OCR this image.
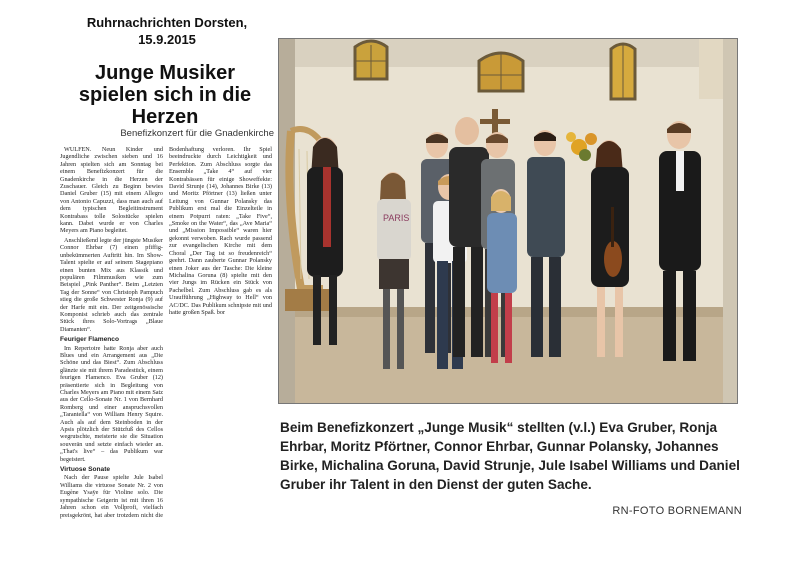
Ruhrnachrichten Dorsten,
15.9.2015
Junge Musiker spielen sich in die Herzen
Benefizkonzert für die Gnadenkirche

WULFEN. Neun Kinder und Jugendliche zwischen sieben und 16 Jahren spielten sich am Sonntag bei einem Benefizkonzert für die Gnadenkirche in die Herzen der Zuschauer. Gleich zu Beginn bewies Daniel Gruber (15) mit einem Allegro von Antonio Capuzzi, dass man auch auf dem typischen Begleitinstrument Kontrabass tolle Solostücke spielen kann. Dabei wurde er von Charles Meyers am Piano begleitet.

Anschließend legte der jüngste Musiker Connor Ehrbar (7) einen pfiffig-unbekümmerten Auftritt hin. Im Show-Talent spielte er auf seinem Stagepiano einen bunten Mix aus Klassik und populären Filmmusiken wie zum Beispiel „Pink Panther“. Beim „Letzten Tag der Sonne“ von Christoph Pampuch stieg die große Schwester Ronja (9) auf der Harfe mit ein. Der zeitgenössische Komponist schrieb auch das zentrale Stück ihres Solo-Vortrags „Blaue Diamanten“.

Feuriger Flamenco

Im Repertoire hatte Ronja aber auch Blues und ein Arrangement aus „Die Schöne und das Biest“. Zum Abschluss glänzte sie mit ihrem Paradestück, einem feurigen Flamenco. Eva Gruber (12) präsentierte sich in Begleitung von Charles Meyers am Piano mit einem Satz aus der Cello-Sonate Nr. 1 von Bernhard Romberg und einer anspruchsvollen „Tarantella“ von William Henry Squire. Auch als auf dem Steinboden in der Apsis plötzlich der Stützfuß des Cellos wegrutschte, meisterte sie die Situation souverän und setzte einfach wieder an. „That's live“ – das Publikum war begeistert.

Virtuose Sonate

Nach der Pause spielte Jule Isabel Williams die virtuose Sonate Nr. 2 von Eugène Ysaÿe für Violine solo. Die sympathische Geigerin ist mit ihren 16 Jahren schon ein Vollprofi, vielfach preisgekrönt, hat aber trotzdem nicht die Bodenhaftung verloren. Ihr Spiel beeindruckte durch Leichtigkeit und Perfektion. Zum Abschluss sorgte das Ensemble „Take 4“ auf vier Kontrabässen für einige Showeffekte: David Strunje (14), Johannes Birke (13) und Moritz Pförtner (13) ließen unter Leitung von Gunnar Polansky das Publikum erst mal die Einzelteile in einem Potpurri raten: „Take Five“, „Smoke on the Water“, das „Ave Maria“ und „Mission Impossible“ waren hier gekonnt verwoben. Rach wurde passend zur evangelischen Kirche mit dem Choral „Der Tag ist so freudenreich“ geehrt. Dann zauberte Gunnar Polansky einen Joker aus der Tasche: Die kleine Michalina Goruna (8) spielte mit den vier Jungs im Rücken ein Stück von Pachelbel. Zum Abschluss gab es als Uraufführung „Highway to Hell“ von AC/DC. Das Publikum schnipste mit und hatte großen Spaß. bor

PARIS
Beim Benefizkonzert „Junge Musik“ stellten (v.l.) Eva Gruber, Ronja Ehrbar, Moritz Pförtner, Connor Ehrbar, Gunnar Polansky, Johannes Birke, Michalina Goruna, David Strunje, Jule Isabel Williams und Daniel Gruber ihr Talent in den Dienst der guten Sache.
RN-FOTO BORNEMANN
